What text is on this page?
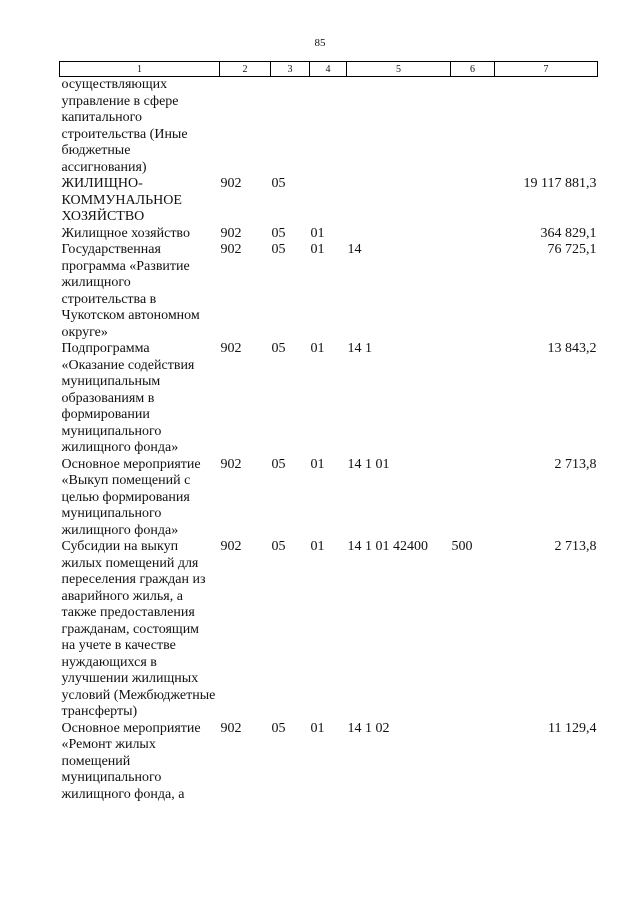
85
1	2	3	4	5	6	7
осуществляющих управление в сфере капитального строительства (Иные бюджетные ассигнования)						
ЖИЛИЩНО-КОММУНАЛЬНОЕ ХОЗЯЙСТВО	902	05				19 117 881,3
Жилищное хозяйство	902	05	01			364 829,1
Государственная программа «Развитие жилищного строительства в Чукотском автономном округе»	902	05	01	14		76 725,1
Подпрограмма «Оказание содействия муниципальным образованиям в формировании муниципального жилищного фонда»	902	05	01	14 1		13 843,2
Основное мероприятие «Выкуп помещений с целью формирования муниципального жилищного фонда»	902	05	01	14 1 01		2 713,8
Субсидии на выкуп жилых помещений для переселения граждан из аварийного жилья, а также предоставления гражданам, состоящим на учете в качестве нуждающихся в улучшении жилищных условий (Межбюджетные трансферты)	902	05	01	14 1 01 42400	500	2 713,8
Основное мероприятие «Ремонт жилых помещений муниципального жилищного фонда, а	902	05	01	14 1 02		11 129,4
